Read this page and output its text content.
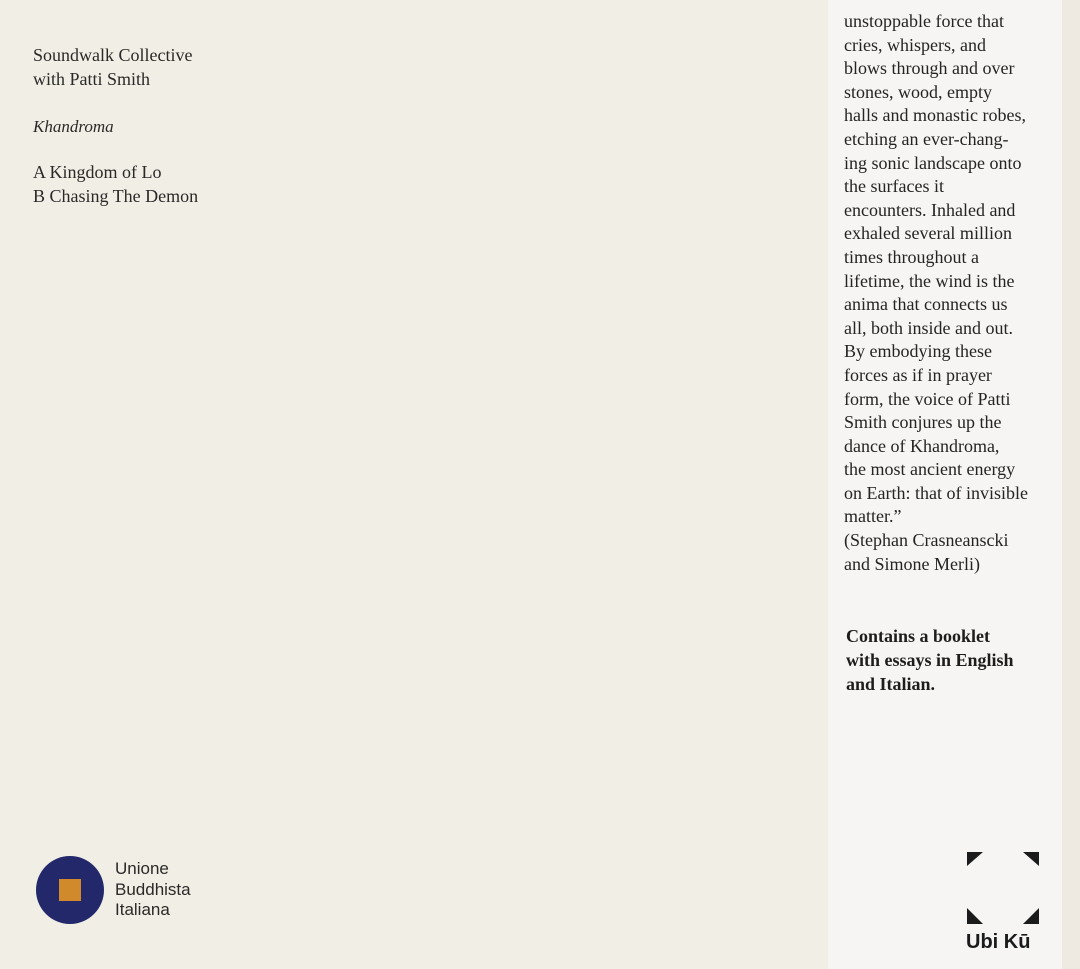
Soundwalk Collective
with Patti Smith
Khandroma
A Kingdom of Lo
B Chasing The Demon
unstoppable force that
cries, whispers, and
blows through and over
stones, wood, empty
halls and monastic robes,
etching an ever-chang-
ing sonic landscape onto
the surfaces it
encounters. Inhaled and
exhaled several million
times throughout a
lifetime, the wind is the
anima that connects us
all, both inside and out.
By embodying these
forces as if in prayer
form, the voice of Patti
Smith conjures up the
dance of Khandroma,
the most ancient energy
on Earth: that of invisible
matter.”
(Stephan Crasneanscki
and Simone Merli)
Contains a booklet
with essays in English
and Italian.
Unione
Buddhista
Italiana
Ubi Kū
